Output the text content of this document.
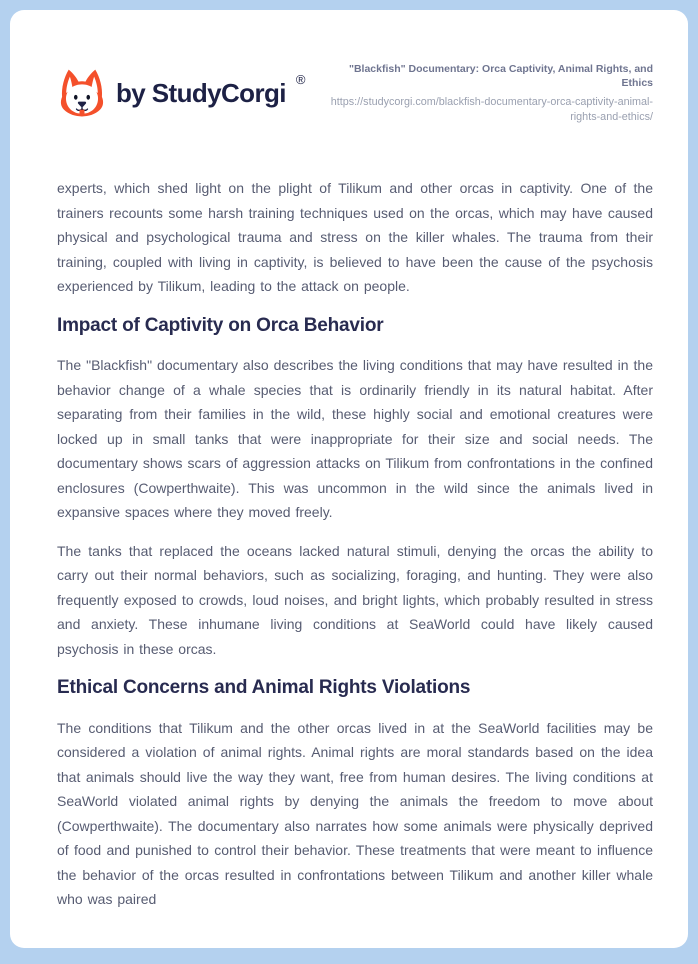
by StudyCorgi ®
"Blackfish" Documentary: Orca Captivity, Animal Rights, and Ethics
https://studycorgi.com/blackfish-documentary-orca-captivity-animal-rights-and-ethics/

experts, which shed light on the plight of Tilikum and other orcas in captivity. One of the trainers recounts some harsh training techniques used on the orcas, which may have caused physical and psychological trauma and stress on the killer whales. The trauma from their training, coupled with living in captivity, is believed to have been the cause of the psychosis experienced by Tilikum, leading to the attack on people.

Impact of Captivity on Orca Behavior

The "Blackfish" documentary also describes the living conditions that may have resulted in the behavior change of a whale species that is ordinarily friendly in its natural habitat. After separating from their families in the wild, these highly social and emotional creatures were locked up in small tanks that were inappropriate for their size and social needs. The documentary shows scars of aggression attacks on Tilikum from confrontations in the confined enclosures (Cowperthwaite). This was uncommon in the wild since the animals lived in expansive spaces where they moved freely.

The tanks that replaced the oceans lacked natural stimuli, denying the orcas the ability to carry out their normal behaviors, such as socializing, foraging, and hunting. They were also frequently exposed to crowds, loud noises, and bright lights, which probably resulted in stress and anxiety. These inhumane living conditions at SeaWorld could have likely caused psychosis in these orcas.

Ethical Concerns and Animal Rights Violations

The conditions that Tilikum and the other orcas lived in at the SeaWorld facilities may be considered a violation of animal rights. Animal rights are moral standards based on the idea that animals should live the way they want, free from human desires. The living conditions at SeaWorld violated animal rights by denying the animals the freedom to move about (Cowperthwaite). The documentary also narrates how some animals were physically deprived of food and punished to control their behavior. These treatments that were meant to influence the behavior of the orcas resulted in confrontations between Tilikum and another killer whale who was paired
